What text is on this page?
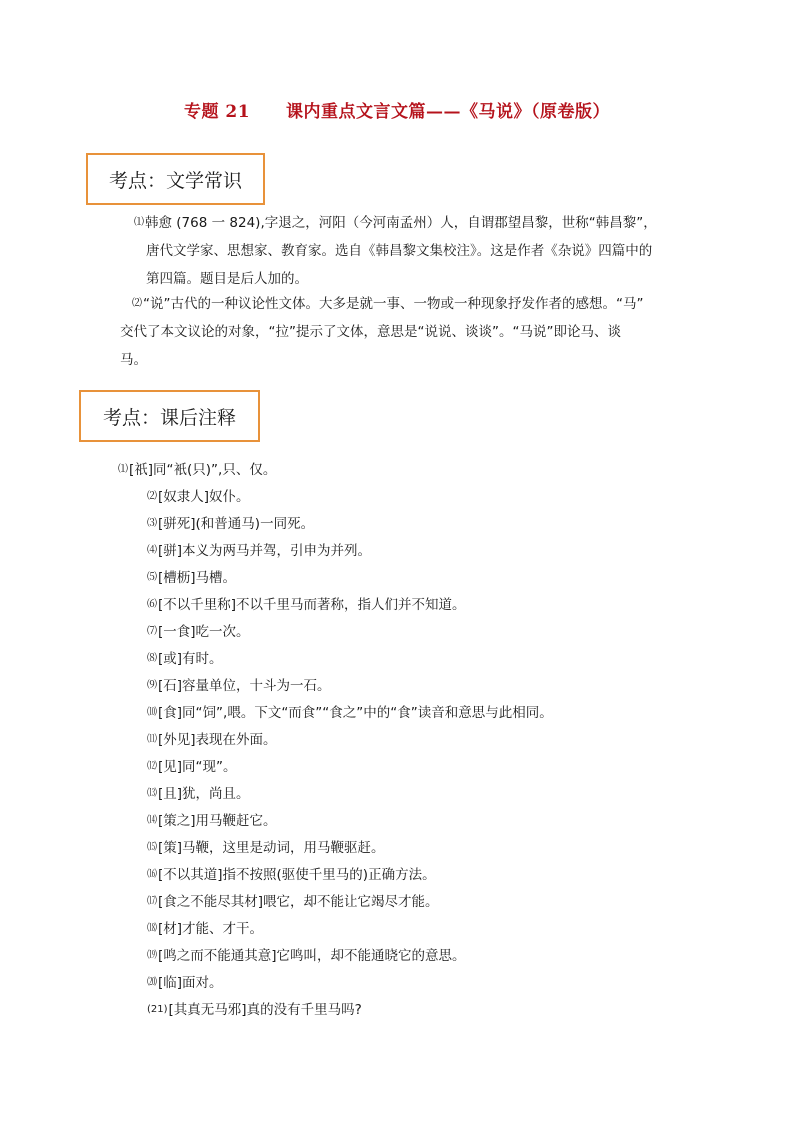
专题 21 课内重点文言文篇——《马说》（原卷版）
考点：文学常识
⑴韩愈 (768 一 824),字退之，河阳（今河南孟州）人，自谓郡望昌黎，世称“韩昌黎”，
唐代文学家、思想家、教育家。选自《韩昌黎文集校注》。这是作者《杂说》四篇中的
第四篇。题目是后人加的。
⑵“说”古代的一种议论性文体。大多是就一事、一物或一种现象抒发作者的感想。“马”
交代了本文议论的对象，“拉”提示了文体，意思是“说说、谈谈”。“马说”即论马、谈
马。
考点：课后注释
⑴[祇]同“衹(只)”,只、仅。
⑵[奴隶人]奴仆。
⑶[骈死](和普通马)一同死。
⑷[骈]本义为两马并驾，引申为并列。
⑸[槽枥]马槽。
⑹[不以千里称]不以千里马而著称，指人们并不知道。
⑺[一食]吃一次。
⑻[或]有时。
⑼[石]容量单位，十斗为一石。
⑽[食]同“饲”,喂。下文“而食”“食之”中的“食”读音和意思与此相同。
⑾[外见]表现在外面。
⑿[见]同“现”。
⒀[且]犹，尚且。
⒁[策之]用马鞭赶它。
⒂[策]马鞭，这里是动词，用马鞭驱赶。
⒃[不以其道]指不按照(驱使千里马的)正确方法。
⒄[食之不能尽其材]喂它，却不能让它竭尽才能。
⒅[材]才能、才干。
⒆[鸣之而不能通其意]它鸣叫，却不能通晓它的意思。
⒇[临]面对。
(21)[其真无马邪]真的没有千里马吗?
